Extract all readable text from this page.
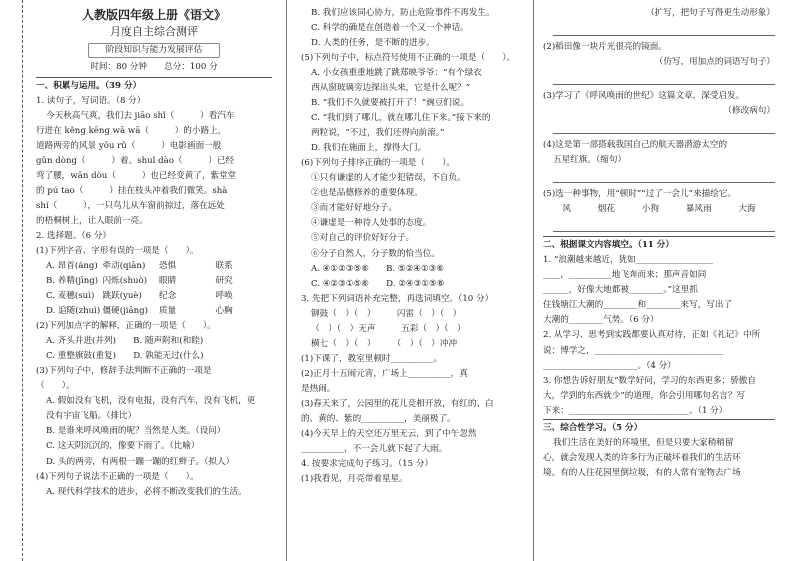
人教版四年级上册《语文》

月度自主综合测评

阶段知识与能力发展评估

时间：80 分钟　　总分：100 分

一、积累与运用。（39 分）

1. 读句子，写词语。（8 分）

今天秋高气爽，我们去 jiāo shǐ（　　　）看汽车

行进在 kěng kēng wā wā（　　　）的小路上，

道路两旁的风景 yōu rǔ（　　　）电影画面一般

gǔn dòng（　　　）着。shuǐ dào（　　　）已经

弯了腰，wān dòu（　　　）也已经变黄了，紫堂堂

的 pú tao（　　　）挂在枝头冲着我们微笑。shà

shí（　　　），一只鸟儿从车窗前掠过，落在远处

的梧桐树上，让人眼前一亮。

2. 选择题。（6 分）

(1)下列字音、字形有误的一项是（　　）。

A. 昂首(áng) 牵动(qiān)	恐惧	联系
B. 养精(jīng) 闪烁(shuò)	眼睛	研究
C. 麦穗(suì) 跳跃(yuè)	纪念	呼唤
D. 追随(zhuì) 僵硬(jiāng)	质量	心胸

(2)下列加点字的解释，正确的一项是（　　）。

A. 齐头并进(并列)　　B. 随声附和(和睦)

C. 重整旗鼓(重复)　　D. 孰能无过(什么)

(3)下列句子中，修辞手法判断不正确的一项是

（　　）。

A. 假如没有飞机，没有电报，没有汽车，没有飞机，更

没有宇宙飞船。（排比）

B. 是谁来呼风唤雨的呢？当然是人类。（设问）

C. 这天阴沉沉的，像要下雨了。（比喻）

D. 头的两旁，有两根一蹦一蹦的红辫子。（拟人）

(4)下列句子说法不正确的一项是（　　）。

A. 现代科学技术的进步，必将不断改变我们的生活。

B. 我们应该同心协力，防止危险事件不再发生。

C. 科学的确是在创造着一个又一个神话。

D. 人类的任务，是不断的进步。

(5)下列句子中，标点符号使用不正确的一项是（　　）。

A. 小女孩重重地跳了跳郑映爷爷：“有个绿衣

西从窗玻璃旁边探出头来，它是什么呢？”

B. “我们不久就要被打开了！”豌豆们说。

C. “我们到了哪儿，就在哪儿住下来。”接下来的

两粒说，“不过，我们还得向前滚。”

D. 我们在施面上，撑得大门。

(6)下列句子排序正确的一项是（　　）。

①只有谦虚的人才能少犯错误，不自负。

②也是品德修养的重要体现。

③而才能好好地分子。

④谦虚是一种待人处事的态度。

⑤对自己的评价好好分子。

⑥分子自然人，分子数的恰当位。

A. ④①②③⑤⑥　　B. ⑤②④①③⑥

C. ④②③①⑤⑥　　D. ②④③①⑤⑥

3. 先把下列词语补充完整，再选词填空。（10 分）

铆鼓（　）（　）　　　闪雷（　）（　）

（　）（　）无声　　　五彩（　）（　）

横七（　）（　）　　　（　）（　）冲冲

(1)下课了，教室里顿时__________。

(2)正月十五闹元宵，广场上__________，真

是热闹。

(3)春天来了，公园里的花儿竞相开放，有红的、白

的、黄的、紫的__________，美丽极了。

(4)今天早上的天空还万里无云，到了中午忽然

__________，不一会儿就下起了大雨。

4. 按要求完成句子练习。（15 分）

(1)我看见，月亮带着星星。

（扩写，把句子写得更生动形象）

(2)稻田像一块片光很亮的镜面。

（仿写，用加点的词语写句子）

(3)学习了《呼风唤雨的世纪》这篇文章，深受启发。

（修改病句）

(4)这是第一部搭载我国自己的航天器潜游太空的

五星红旗。（缩句）

(5)选一种事物，用“顿时”“过了一会儿”来描绘它。

风	烟花	小狗	暴风雨	大海

二、根据课文内容填空。（11 分）

1. “浪潮越来越近，犹如__________________

____，__________地飞奔而来；那声音如同

______，好像大地都被________。”这里抓

住钱塘江大潮的________和________来写，写出了

大潮的________气势。（6 分）

2. 从学习、思考到实践都要认真对待，正如《礼记》中所

说：博学之，______________________________

______________________。（4 分）

3. 你想告诉好朋友“数学好问，学习的东西更多；骄傲自

大，学到的东西就少”的道理，你会引用哪句名言？写

下来：____________________________。（1 分）

三、综合性学习。（5 分）

我们生活在美好的环境里，但是只要大家稍稍留

心，就会发现人类的许多行为正破坏着我们的生活环

境。有的人往花园里倒垃圾，有的人常有宠物去广场
